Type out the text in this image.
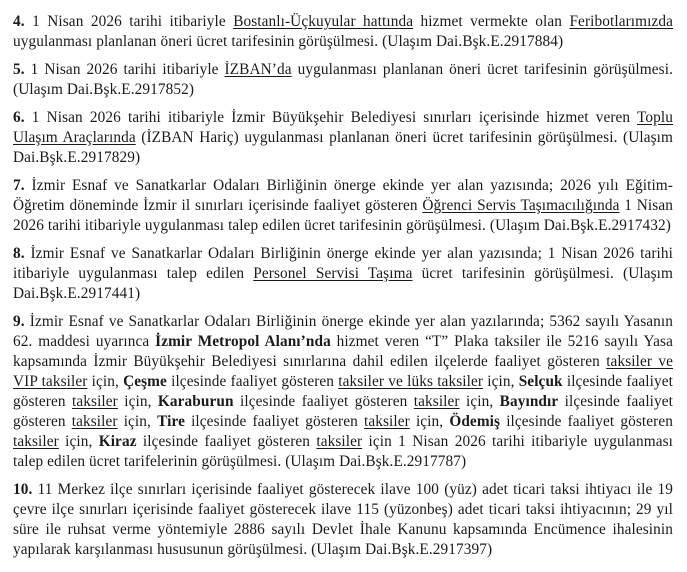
4. 1 Nisan 2026 tarihi itibariyle Bostanlı-Üçkuyular hattında hizmet vermekte olan Feribotlarımızda uygulanması planlanan öneri ücret tarifesinin görüşülmesi. (Ulaşım Dai.Bşk.E.2917884)

5. 1 Nisan 2026 tarihi itibariyle İZBAN’da uygulanması planlanan öneri ücret tarifesinin görüşülmesi. (Ulaşım Dai.Bşk.E.2917852)

6. 1 Nisan 2026 tarihi itibariyle İzmir Büyükşehir Belediyesi sınırları içerisinde hizmet veren Toplu Ulaşım Araçlarında (İZBAN Hariç) uygulanması planlanan öneri ücret tarifesinin görüşülmesi. (Ulaşım Dai.Bşk.E.2917829)

7. İzmir Esnaf ve Sanatkarlar Odaları Birliğinin önerge ekinde yer alan yazısında; 2026 yılı Eğitim-Öğretim döneminde İzmir il sınırları içerisinde faaliyet gösteren Öğrenci Servis Taşımacılığında 1 Nisan 2026 tarihi itibariyle uygulanması talep edilen ücret tarifesinin görüşülmesi. (Ulaşım Dai.Bşk.E.2917432)

8. İzmir Esnaf ve Sanatkarlar Odaları Birliğinin önerge ekinde yer alan yazısında; 1 Nisan 2026 tarihi itibariyle uygulanması talep edilen Personel Servisi Taşıma ücret tarifesinin görüşülmesi. (Ulaşım Dai.Bşk.E.2917441)

9. İzmir Esnaf ve Sanatkarlar Odaları Birliğinin önerge ekinde yer alan yazılarında; 5362 sayılı Yasanın 62. maddesi uyarınca İzmir Metropol Alanı’nda hizmet veren “T” Plaka taksiler ile 5216 sayılı Yasa kapsamında İzmir Büyükşehir Belediyesi sınırlarına dahil edilen ilçelerde faaliyet gösteren taksiler ve VIP taksiler için, Çeşme ilçesinde faaliyet gösteren taksiler ve lüks taksiler için, Selçuk ilçesinde faaliyet gösteren taksiler için, Karaburun ilçesinde faaliyet gösteren taksiler için, Bayındır ilçesinde faaliyet gösteren taksiler için, Tire ilçesinde faaliyet gösteren taksiler için, Ödemiş ilçesinde faaliyet gösteren taksiler için, Kiraz ilçesinde faaliyet gösteren taksiler için 1 Nisan 2026 tarihi itibariyle uygulanması talep edilen ücret tarifelerinin görüşülmesi. (Ulaşım Dai.Bşk.E.2917787)

10. 11 Merkez ilçe sınırları içerisinde faaliyet gösterecek ilave 100 (yüz) adet ticari taksi ihtiyacı ile 19 çevre ilçe sınırları içerisinde faaliyet gösterecek ilave 115 (yüzonbeş) adet ticari taksi ihtiyacının; 29 yıl süre ile ruhsat verme yöntemiyle 2886 sayılı Devlet İhale Kanunu kapsamında Encümence ihalesinin yapılarak karşılanması hususunun görüşülmesi. (Ulaşım Dai.Bşk.E.2917397)
